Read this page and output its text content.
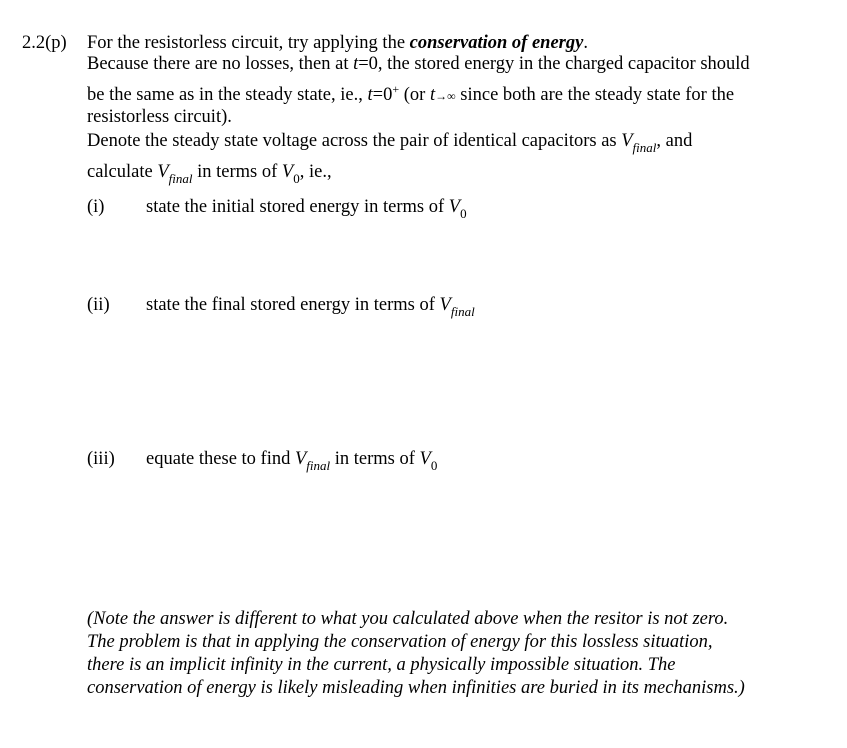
2.2(p) For the resistorless circuit, try applying the conservation of energy.
Because there are no losses, then at t=0, the stored energy in the charged capacitor should
be the same as in the steady state, ie., t=0+ (or t→∞ since both are the steady state for the
resistorless circuit).
Denote the steady state voltage across the pair of identical capacitors as $V_{final}$, and
calculate $V_{final}$ in terms of $V_0$, ie.,
(i) state the initial stored energy in terms of $V_0$
(ii) state the final stored energy in terms of $V_{final}$
(iii) equate these to find $V_{final}$ in terms of $V_0$
(Note the answer is different to what you calculated above when the resitor is not zero.
The problem is that in applying the conservation of energy for this lossless situation,
there is an implicit infinity in the current, a physically impossible situation. The
conservation of energy is likely misleading when infinities are buried in its mechanisms.)
